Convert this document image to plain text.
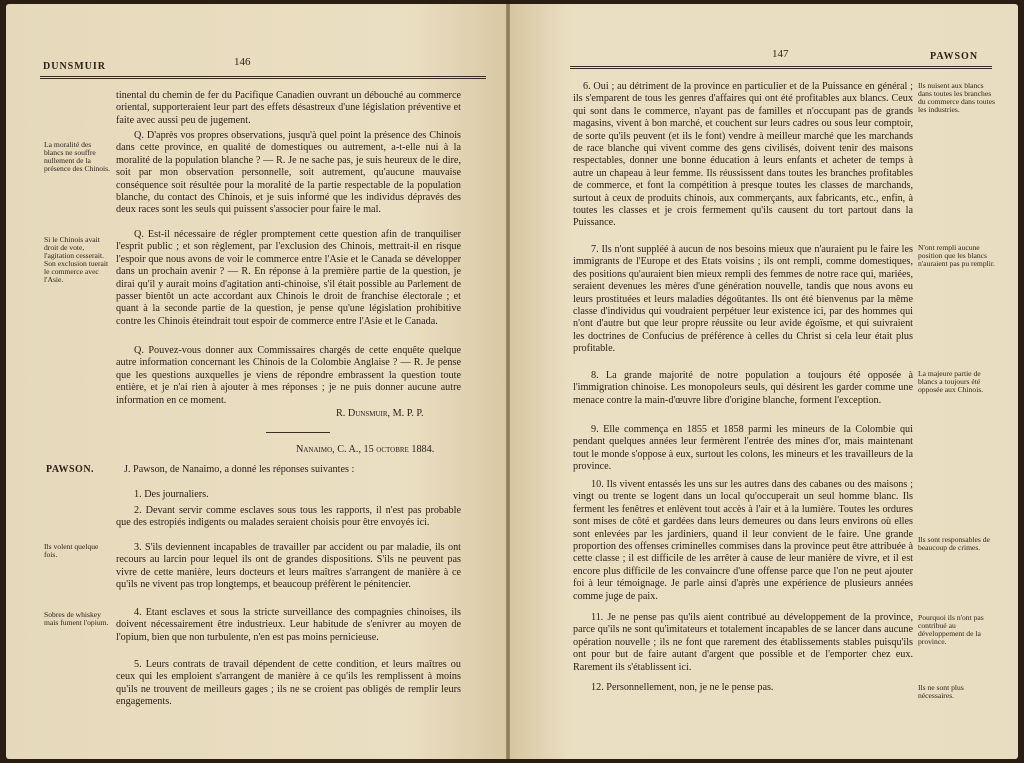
DUNSMUIR	146
tinental du chemin de fer du Pacifique Canadien ouvrant un débouché au commerce oriental, supporteraient leur part des effets désastreux d'une législation préventive et faite avec aussi peu de jugement.
La moralité des blancs ne souffre nullement de la présence des Chinois.
Q. D'après vos propres observations, jusqu'à quel point la présence des Chinois dans cette province, en qualité de domestiques ou autrement, a-t-elle nui à la moralité de la population blanche ? — R. Je ne sache pas, je suis heureux de le dire, soit par mon observation personnelle, soit autrement, qu'aucune mauvaise conséquence soit résultée pour la moralité de la partie respectable de la population blanche, du contact des Chinois, et je suis informé que les individus dépravés des deux races sont les seuls qui puissent s'associer pour faire le mal.
Si le Chinois avait droit de vote, l'agitation cesserait. Son exclusion tuerait le commerce avec l'Asie.
Q. Est-il nécessaire de régler promptement cette question afin de tranquiliser l'esprit public ; et son règlement, par l'exclusion des Chinois, mettrait-il en risque l'espoir que nous avons de voir le commerce entre l'Asie et le Canada se développer dans un prochain avenir ? — R. En réponse à la première partie de la question, je dirai qu'il y aurait moins d'agitation anti-chinoise, s'il était possible au Parlement de passer bientôt un acte accordant aux Chinois le droit de franchise électorale ; et quant à la seconde partie de la question, je pense qu'une législation prohibitive contre les Chinois éteindrait tout espoir de commerce entre l'Asie et le Canada.
Q. Pouvez-vous donner aux Commissaires chargés de cette enquête quelque autre information concernant les Chinois de la Colombie Anglaise ? — R. Je pense que les questions auxquelles je viens de répondre embrassent la question toute entière, et je n'ai rien à ajouter à mes réponses ; je ne puis donner aucune autre information en ce moment.
R. Dunsmuir, M. P. P.
Nanaimo, C. A., 15 octobre 1884.
PAWSON.	J. Pawson, de Nanaimo, a donné les réponses suivantes :
1. Des journaliers.
2. Devant servir comme esclaves sous tous les rapports, il n'est pas probable que des estropiés indigents ou malades seraient choisis pour être envoyés ici.
Ils volent quelque fois.
3. S'ils deviennent incapables de travailler par accident ou par maladie, ils ont recours au larcin pour lequel ils ont de grandes dispositions. S'ils ne peuvent pas vivre de cette manière, leurs docteurs et leurs maîtres s'arrangent de manière à ce qu'ils ne vivent pas trop longtemps, et beaucoup préfèrent le pénitencier.
Sobres de whiskey mais fument l'opium.
4. Etant esclaves et sous la stricte surveillance des compagnies chinoises, ils doivent nécessairement être industrieux. Leur habitude de s'enivrer au moyen de l'opium, bien que non turbulente, n'en est pas moins pernicieuse.
5. Leurs contrats de travail dépendent de cette condition, et leurs maîtres ou ceux qui les emploient s'arrangent de manière à ce qu'ils les remplissent à moins qu'ils ne trouvent de meilleurs gages ; ils ne se croient pas obligés de remplir leurs engagements.
147	PAWSON
6. Oui ; au détriment de la province en particulier et de la Puissance en général ; ils s'emparent de tous les genres d'affaires qui ont été profitables aux blancs. Ceux qui sont dans le commerce, n'ayant pas de familles et n'occupant pas de grands magasins, vivent à bon marché, et couchent sur leurs cadres ou sous leur comptoir, de sorte qu'ils peuvent (et ils le font) vendre à meilleur marché que les marchands de race blanche qui vivent comme des gens civilisés, doivent tenir des maisons respectables, donner une bonne éducation à leurs enfants et acheter de temps à autre un chapeau à leur femme. Ils réussissent dans toutes les branches profitables de commerce, et font la compétition à presque toutes les classes de marchands, surtout à ceux de produits chinois, aux commerçants, aux fabricants, etc., enfin, à toutes les classes et je crois fermement qu'ils causent du tort partout dans la Puissance.
Ils nuisent aux blancs dans toutes les branches du commerce dans toutes les industries.
7. Ils n'ont suppléé à aucun de nos besoins mieux que n'auraient pu le faire les immigrants de l'Europe et des Etats voisins ; ils ont rempli, comme domestiques, des positions qu'auraient bien mieux rempli des femmes de notre race qui, mariées, seraient devenues les mères d'une génération nouvelle, tandis que nous avons eu leurs prostituées et leurs maladies dégoûtantes. Ils ont été bienvenus par la même classe d'individus qui voudraient perpétuer leur existence ici, par des hommes qui n'ont d'autre but que leur propre réussite ou leur avide égoïsme, et qui suivraient les doctrines de Confucius de préférence à celles du Christ si cela leur était plus profitable.
N'ont rempli aucune position que les blancs n'auraient pas pu remplir.
8. La grande majorité de notre population a toujours été opposée à l'immigration chinoise. Les monopoleurs seuls, qui désirent les garder comme une menace contre la main-d'œuvre libre d'origine blanche, forment l'exception.
La majeure partie de blancs a toujours été opposée aux Chinois.
9. Elle commença en 1855 et 1858 parmi les mineurs de la Colombie qui pendant quelques années leur fermèrent l'entrée des mines d'or, mais maintenant tout le monde s'oppose à eux, surtout les colons, les mineurs et les travailleurs de la province.
10. Ils vivent entassés les uns sur les autres dans des cabanes ou des maisons ; vingt ou trente se logent dans un local qu'occuperait un seul homme blanc. Ils ferment les fenêtres et enlèvent tout accès à l'air et à la lumière. Toutes les ordures sont mises de côté et gardées dans leurs demeures ou dans leurs environs où elles sont enlevées par les jardiniers, quand il leur convient de le faire. Une grande proportion des offenses criminelles commises dans la province peut être attribuée à cette classe ; il est difficile de les arrêter à cause de leur manière de vivre, et il est encore plus difficile de les convaincre d'une offense parce que l'on ne peut ajouter foi à leur témoignage. Je parle ainsi d'après une expérience de plusieurs années comme juge de paix.
Ils sont responsables de beaucoup de crimes.
11. Je ne pense pas qu'ils aient contribué au développement de la province, parce qu'ils ne sont qu'imitateurs et totalement incapables de se lancer dans aucune opération nouvelle ; ils ne font que rarement des établissements stables puisqu'ils ont pour but de faire autant d'argent que possible et de l'emporter chez eux. Rarement ils s'établissent ici.
Pourquoi ils n'ont pas contribué au développement de la province.
12. Personnellement, non, je ne le pense pas.	Ils ne sont plus nécessaires.
